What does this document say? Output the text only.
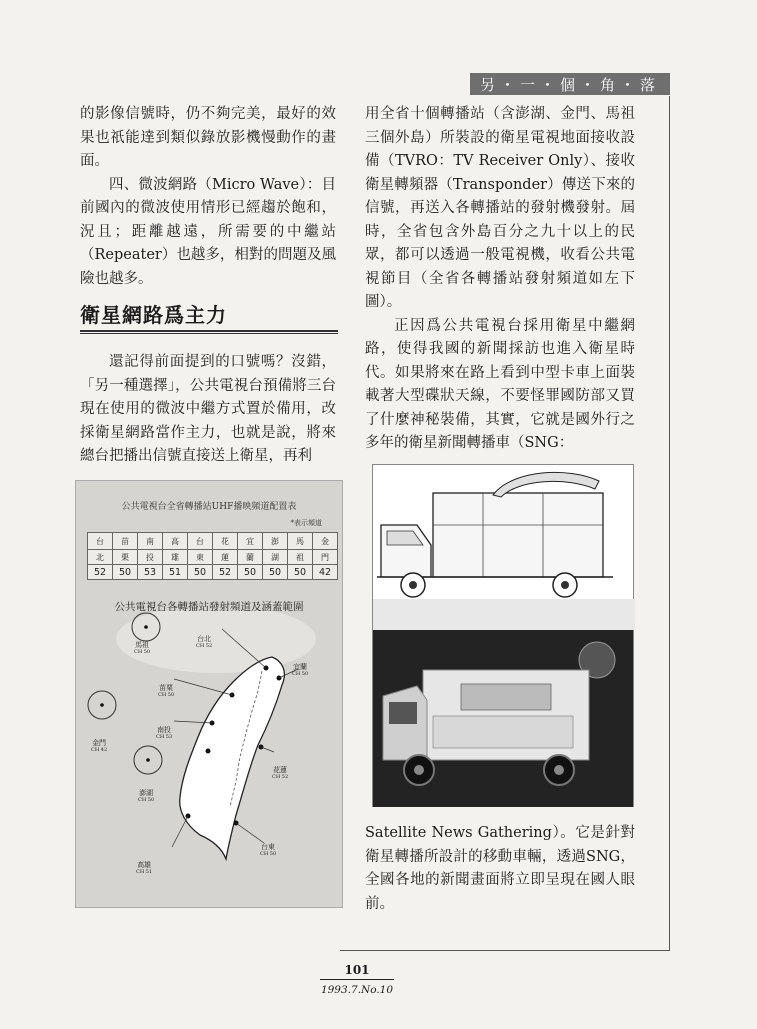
另・一・個・角・落

的影像信號時，仍不夠完美，最好的效果也祇能達到類似錄放影機慢動作的畫面。

四、微波網路（Micro Wave）：目前國內的微波使用情形已經趨於飽和，況且；距離越遠，所需要的中繼站（Repeater）也越多，相對的問題及風險也越多。

衛星網路爲主力

還記得前面提到的口號嗎？沒錯，「另一種選擇」，公共電視台預備將三台現在使用的微波中繼方式置於備用，改採衛星網路當作主力，也就是說，將來總台把播出信號直接送上衛星，再利

公共電視台全省轉播站UHF播映頻道配置表
*表示頻道
台	苗	南	高	台	花	宜	澎	馬	金
北	栗	投	雄	東	蓮	蘭	湖	祖	門
52	50	53	51	50	52	50	50	50	42
公共電視台各轉播站發射頻道及涵蓋範圍
馬祖
CH 50
台北
CH 52
宜蘭
CH 50
苗栗
CH 50
金門
CH 42
南投
CH 53
澎湖
CH 50
花蓮
CH 52
台東
CH 50
高雄
CH 51

用全省十個轉播站（含澎湖、金門、馬祖三個外島）所裝設的衛星電視地面接收設備（TVRO：TV Receiver Only）、接收衛星轉頻器（Transponder）傳送下來的信號，再送入各轉播站的發射機發射。屆時，全省包含外島百分之九十以上的民眾，都可以透過一般電視機，收看公共電視節目（全省各轉播站發射頻道如左下圖）。

正因爲公共電視台採用衛星中繼網路，使得我國的新聞採訪也進入衛星時代。如果將來在路上看到中型卡車上面裝載著大型碟狀天線，不要怪罪國防部又買了什麼神秘裝備，其實，它就是國外行之多年的衛星新聞轉播車（SNG：

Satellite News Gathering）。它是針對衛星轉播所設計的移動車輛，透過SNG，全國各地的新聞畫面將立即呈現在國人眼前。

101
1993.7.No.10
